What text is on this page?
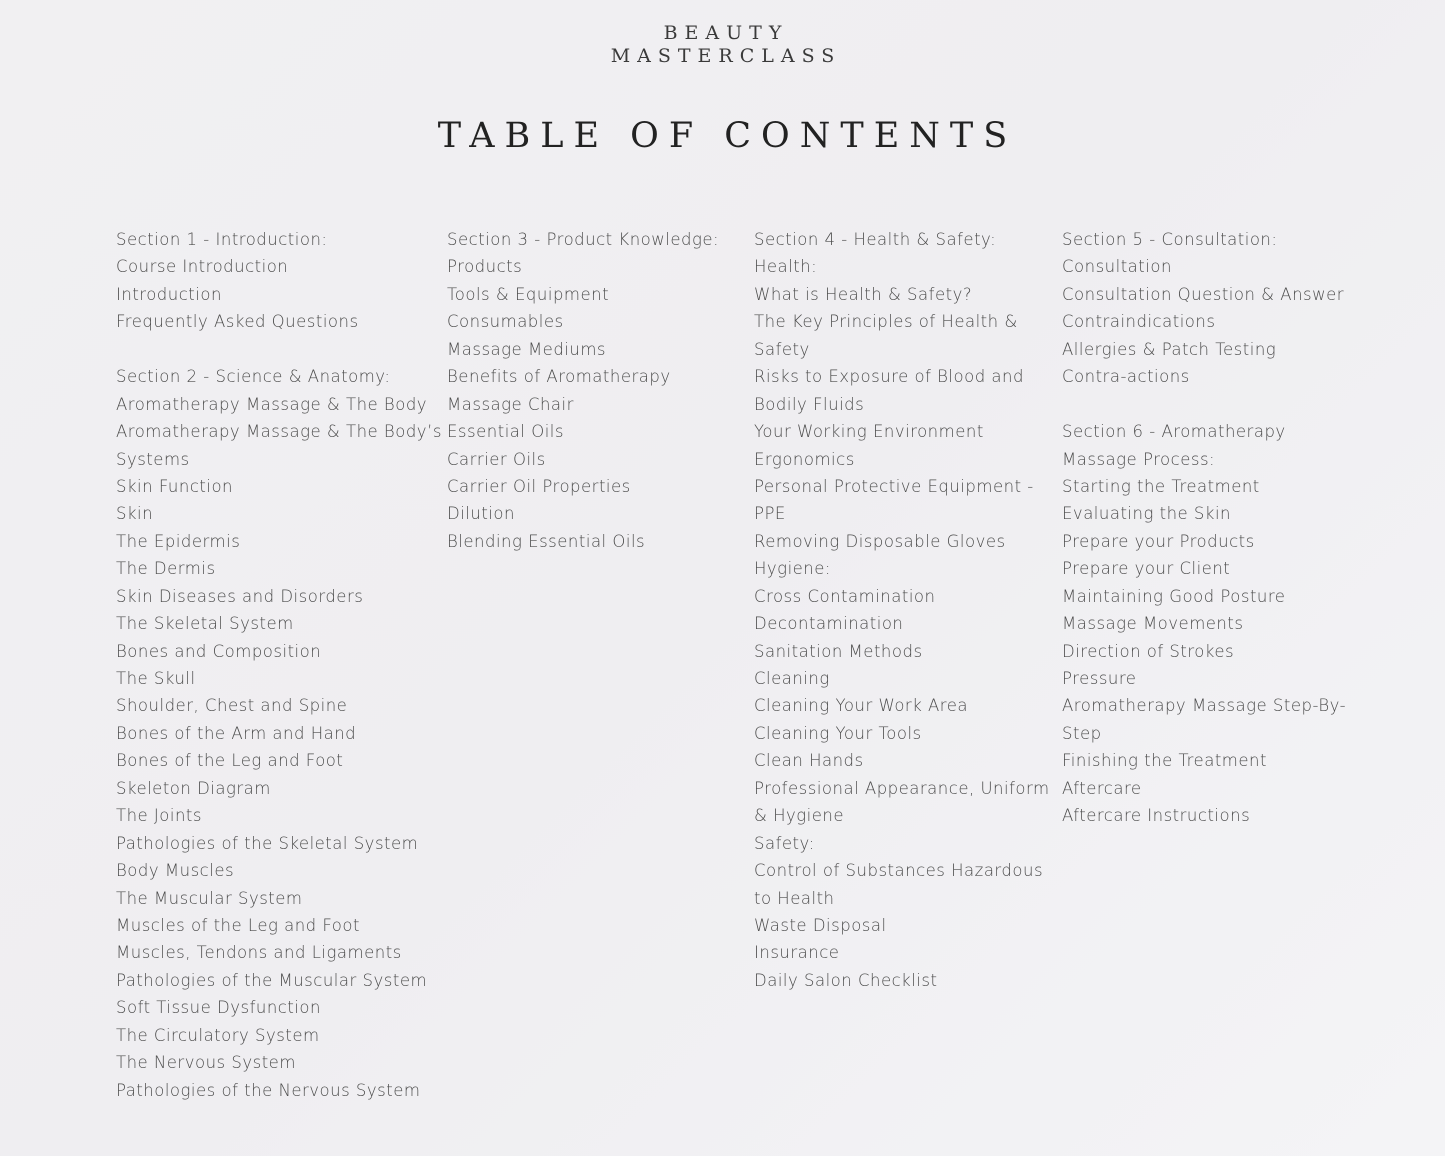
BEAUTY
MASTERCLASS
TABLE OF CONTENTS
Section 1 - Introduction:
Course Introduction
Introduction
Frequently Asked Questions
Section 2 - Science & Anatomy:
Aromatherapy Massage & The Body
Aromatherapy Massage & The Body’s
Systems
Skin Function
Skin
The Epidermis
The Dermis
Skin Diseases and Disorders
The Skeletal System
Bones and Composition
The Skull
Shoulder, Chest and Spine
Bones of the Arm and Hand
Bones of the Leg and Foot
Skeleton Diagram
The Joints
Pathologies of the Skeletal System
Body Muscles
The Muscular System
Muscles of the Leg and Foot
Muscles, Tendons and Ligaments
Pathologies of the Muscular System
Soft Tissue Dysfunction
The Circulatory System
The Nervous System
Pathologies of the Nervous System
Section 3 - Product Knowledge:
Products
Tools & Equipment
Consumables
Massage Mediums
Benefits of Aromatherapy
Massage Chair
Essential Oils
Carrier Oils
Carrier Oil Properties
Dilution
Blending Essential Oils
Section 4 - Health & Safety:
Health:
What is Health & Safety?
The Key Principles of Health &
Safety
Risks to Exposure of Blood and
Bodily Fluids
Your Working Environment
Ergonomics
Personal Protective Equipment -
PPE
Removing Disposable Gloves
Hygiene:
Cross Contamination
Decontamination
Sanitation Methods
Cleaning
Cleaning Your Work Area
Cleaning Your Tools
Clean Hands
Professional Appearance, Uniform
& Hygiene
Safety:
Control of Substances Hazardous
to Health
Waste Disposal
Insurance
Daily Salon Checklist
Section 5 - Consultation:
Consultation
Consultation Question & Answer
Contraindications
Allergies & Patch Testing
Contra-actions
Section 6 - Aromatherapy
Massage Process:
Starting the Treatment
Evaluating the Skin
Prepare your Products
Prepare your Client
Maintaining Good Posture
Massage Movements
Direction of Strokes
Pressure
Aromatherapy Massage Step-By-
Step
Finishing the Treatment
Aftercare
Aftercare Instructions
